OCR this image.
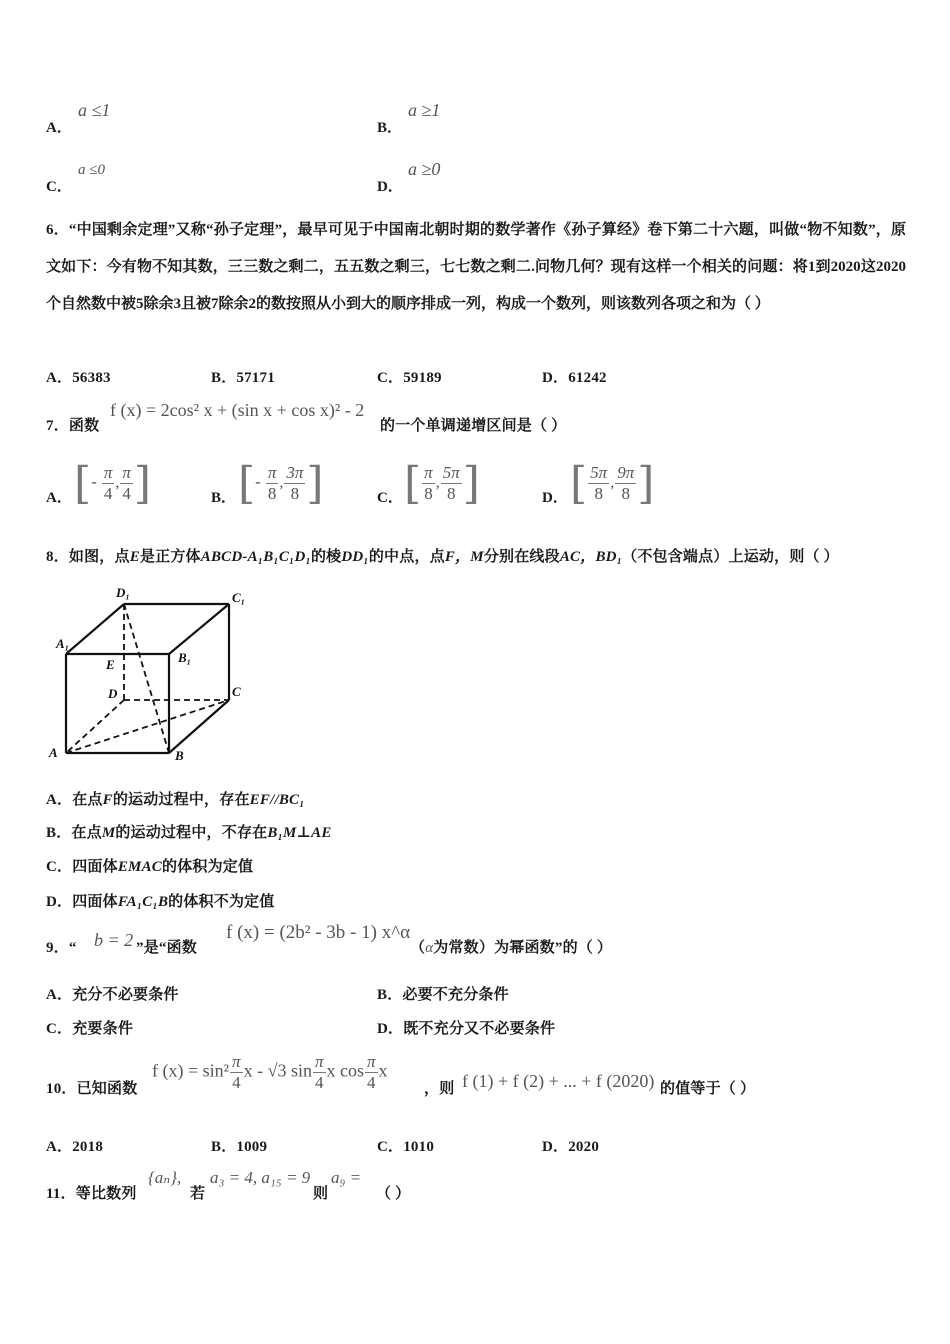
A．
a ≤1
B．
a ≥1
C．
a ≤0
D．
a ≥0
6．“中国剩余定理”又称“孙子定理”，最早可见于中国南北朝时期的数学著作《孙子算经》卷下第二十六题，叫做“物不知数”，原文如下：今有物不知其数，三三数之剩二，五五数之剩三，七七数之剩二.问物几何？现有这样一个相关的问题：将1到2020这2020个自然数中被5除余3且被7除余2的数按照从小到大的顺序排成一列，构成一个数列，则该数列各项之和为（ ）
A．56383	B．57171	C．59189	D．61242
7．函数
f (x) = 2cos² x + (sin x + cos x)² - 2
的一个单调递增区间是（ ）
A． [- $\frac{\pi}{4}$ , $\frac{\pi}{4}$ ]	B． [- $\frac{\pi}{8}$ , $\frac{3\pi}{8}$ ]	C． [ $\frac{\pi}{8}$ , $\frac{5\pi}{8}$ ]	D． [ $\frac{5\pi}{8}$ , $\frac{9\pi}{8}$ ]
8．如图，点E是正方体ABCD-A₁B₁C₁D₁的棱DD₁的中点，点F，M分别在线段AC，BD₁（不包含端点）上运动，则（ ）
D₁	C₁
A₁
B₁
E
D	C
A	B
A．在点F的运动过程中，存在EF//BC₁
B．在点M的运动过程中，不存在B₁M⊥AE
C．四面体EMAC的体积为定值
D．四面体FA₁C₁B的体积不为定值
9．“ b = 2 ”是“函数
f (x) = (2b² - 3b - 1) x^α
（α为常数）为幂函数”的（ ）
A．充分不必要条件	B．必要不充分条件
C．充要条件	D．既不充分又不必要条件
10．已知函数
f $(x) = \sin^2 \frac{\pi}{4}$ x - √3 $\sin \frac{\pi}{4}$ x $\cos \frac{\pi}{4}$ x
，则 f (1) + f (2) + ... + f (2020) 的值等于（ ）
A．2018	B．1009	C．1010	D．2020
11．等比数列
{aₙ},
若
a₃ = 4, a₁₅ = 9
则
a₉ =
（ ）
